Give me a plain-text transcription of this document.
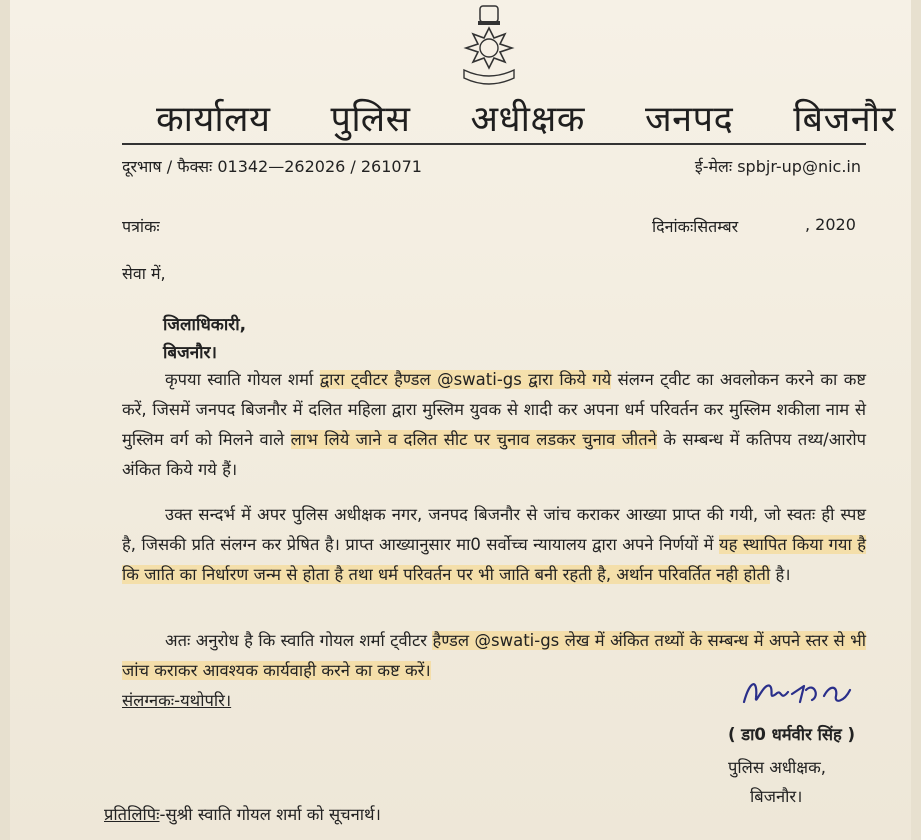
कार्यालय	पुलिस	अधीक्षक	जनपद	बिजनौर
दूरभाष / फैक्सः 01342—262026 / 261071	ई-मेलः spbjr-up@nic.in
पत्रांकः	दिनांकःसितम्बर	, 2020
सेवा में,
जिलाधिकारी,
बिजनौर।
कृपया स्वाति गोयल शर्मा द्वारा ट्वीटर हैण्डल @swati-gs द्वारा किये गये संलग्न ट्वीट का अवलोकन करने का कष्ट करें, जिसमें जनपद बिजनौर में दलित महिला द्वारा मुस्लिम युवक से शादी कर अपना धर्म परिवर्तन कर मुस्लिम शकीला नाम से मुस्लिम वर्ग को मिलने वाले लाभ लिये जाने व दलित सीट पर चुनाव लडकर चुनाव जीतने के सम्बन्ध में कतिपय तथ्य/आरोप अंकित किये गये हैं।
उक्त सन्दर्भ में अपर पुलिस अधीक्षक नगर, जनपद बिजनौर से जांच कराकर आख्या प्राप्त की गयी, जो स्वतः ही स्पष्ट है, जिसकी प्रति संलग्न कर प्रेषित है। प्राप्त आख्यानुसार मा0 सर्वोच्च न्यायालय द्वारा अपने निर्णयों में यह स्थापित किया गया है कि जाति का निर्धारण जन्म से होता है तथा धर्म परिवर्तन पर भी जाति बनी रहती है, अर्थान परिवर्तित नही होती है।
अतः अनुरोध है कि स्वाति गोयल शर्मा ट्वीटर हैण्डल @swati-gs लेख में अंकित तथ्यों के सम्बन्ध में अपने स्तर से भी जांच कराकर आवश्यक कार्यवाही करने का कष्ट करें।
संलग्नकः-यथोपरि।
( डा0 धर्मवीर सिंह )
पुलिस अधीक्षक,
बिजनौर।
प्रतिलिपिः-सुश्री स्वाति गोयल शर्मा को सूचनार्थ।
